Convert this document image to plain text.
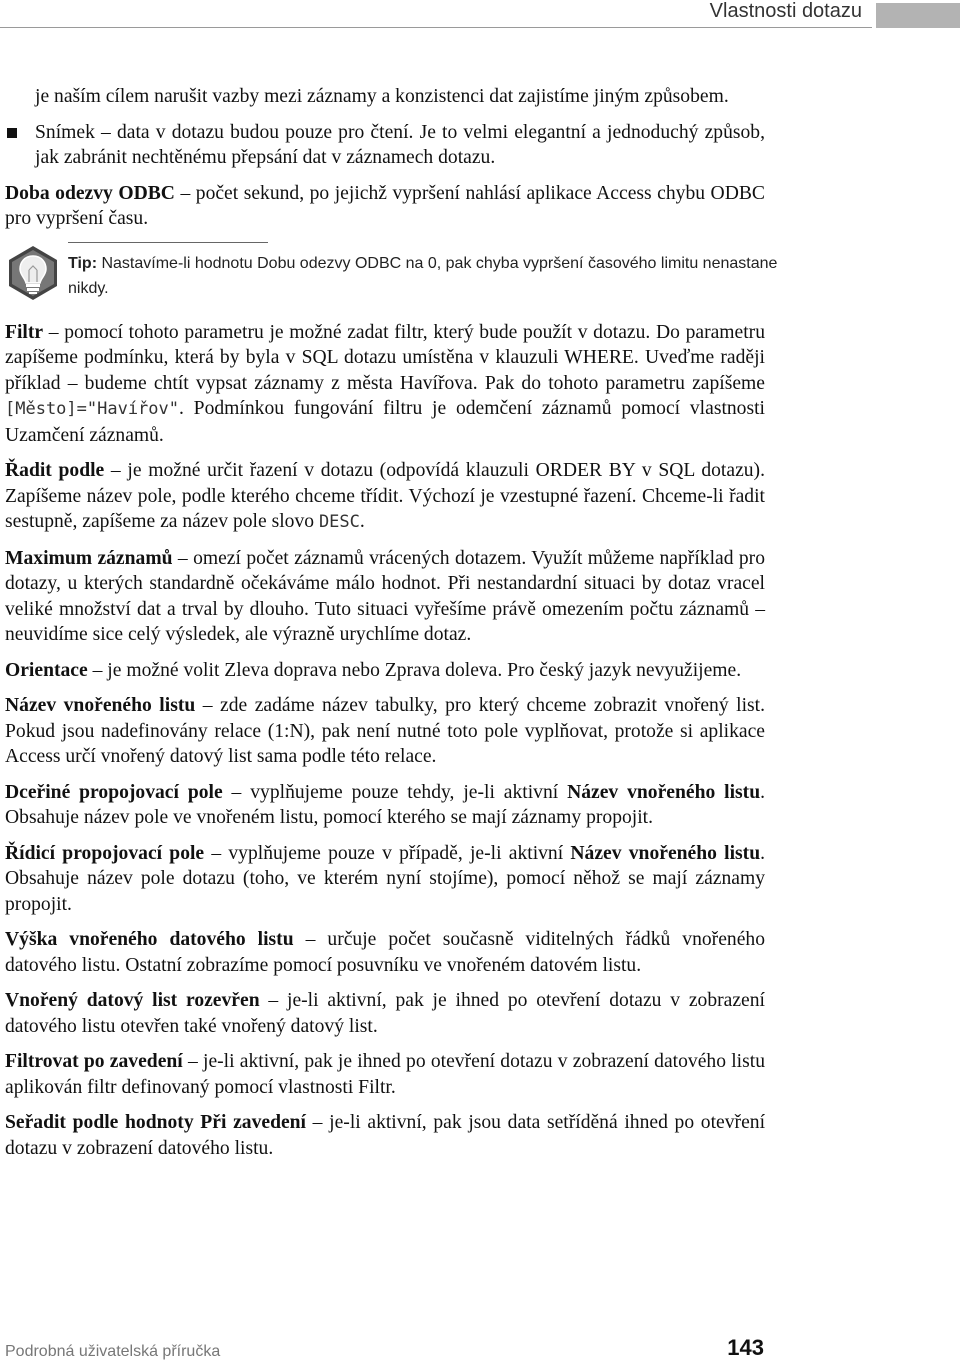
Vlastnosti dotazu

je naším cílem narušit vazby mezi záznamy a konzistenci dat zajistíme jiným způsobem.

Snímek – data v dotazu budou pouze pro čtení. Je to velmi elegantní a jednoduchý způsob, jak zabránit nechtěnému přepsání dat v záznamech dotazu.

Doba odezvy ODBC – počet sekund, po jejichž vypršení nahlásí aplikace Access chybu ODBC pro vypršení času.

Tip: Nastavíme-li hodnotu Dobu odezvy ODBC na 0, pak chyba vypršení časového limitu nenastane nikdy.

Filtr – pomocí tohoto parametru je možné zadat filtr, který bude použít v dotazu. Do parametru zapíšeme podmínku, která by byla v SQL dotazu umístěna v klauzuli WHERE. Uveďme raději příklad – budeme chtít vypsat záznamy z města Havířova. Pak do tohoto parametru zapíšeme [Město]="Havířov". Podmínkou fungování filtru je odemčení záznamů pomocí vlastnosti Uzamčení záznamů.

Řadit podle – je možné určit řazení v dotazu (odpovídá klauzuli ORDER BY v SQL dotazu). Zapíšeme název pole, podle kterého chceme třídit. Výchozí je vzestupné řazení. Chceme-li řadit sestupně, zapíšeme za název pole slovo DESC.

Maximum záznamů – omezí počet záznamů vrácených dotazem. Využít můžeme například pro dotazy, u kterých standardně očekáváme málo hodnot. Při nestandardní situaci by dotaz vracel veliké množství dat a trval by dlouho. Tuto situaci vyřešíme právě omezením počtu záznamů – neuvidíme sice celý výsledek, ale výrazně urychlíme dotaz.

Orientace – je možné volit Zleva doprava nebo Zprava doleva. Pro český jazyk nevyužijeme.

Název vnořeného listu – zde zadáme název tabulky, pro který chceme zobrazit vnořený list. Pokud jsou nadefinovány relace (1:N), pak není nutné toto pole vyplňovat, protože si aplikace Access určí vnořený datový list sama podle této relace.

Dceřiné propojovací pole – vyplňujeme pouze tehdy, je-li aktivní Název vnořeného listu. Obsahuje název pole ve vnořeném listu, pomocí kterého se mají záznamy propojit.

Řídicí propojovací pole – vyplňujeme pouze v případě, je-li aktivní Název vnořeného listu. Obsahuje název pole dotazu (toho, ve kterém nyní stojíme), pomocí něhož se mají záznamy propojit.

Výška vnořeného datového listu – určuje počet současně viditelných řádků vnořeného datového listu. Ostatní zobrazíme pomocí posuvníku ve vnořeném datovém listu.

Vnořený datový list rozevřen – je-li aktivní, pak je ihned po otevření dotazu v zobrazení datového listu otevřen také vnořený datový list.

Filtrovat po zavedení – je-li aktivní, pak je ihned po otevření dotazu v zobrazení datového listu aplikován filtr definovaný pomocí vlastnosti Filtr.

Seřadit podle hodnoty Při zavedení – je-li aktivní, pak jsou data setříděná ihned po otevření dotazu v zobrazení datového listu.

Podrobná uživatelská příručka	143
